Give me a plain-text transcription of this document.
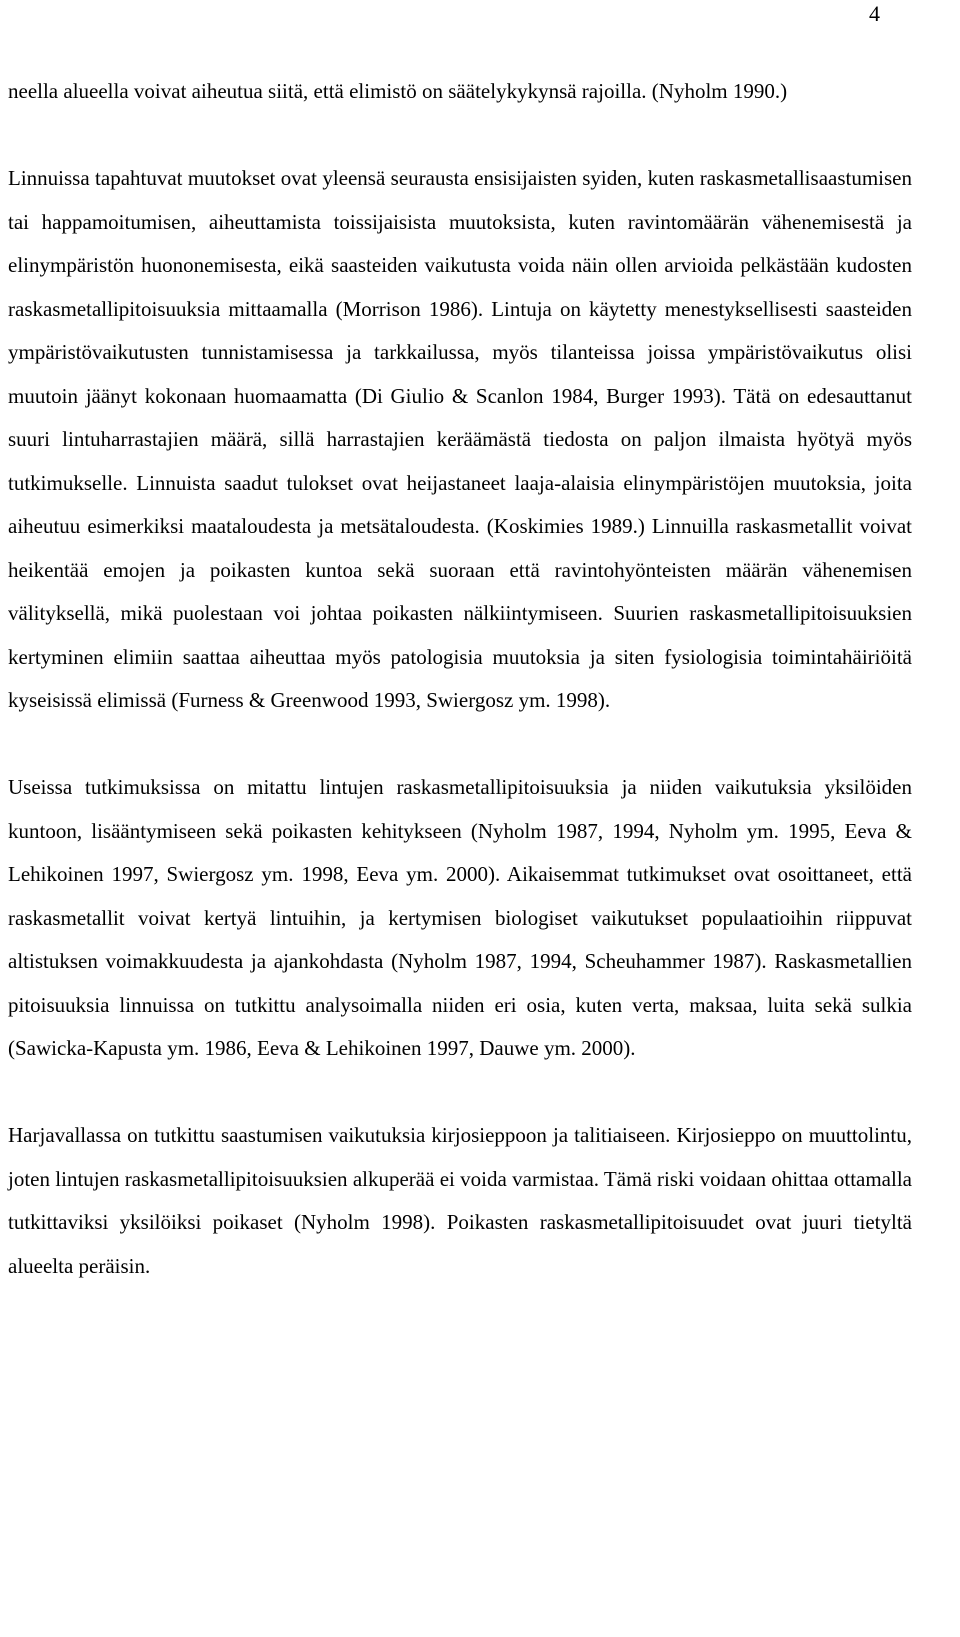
4

neella alueella voivat aiheutua siitä, että elimistö on säätelykykynsä rajoilla. (Nyholm 1990.)

Linnuissa tapahtuvat muutokset ovat yleensä seurausta ensisijaisten syiden, kuten raskasmetallisaastumisen tai happamoitumisen, aiheuttamista toissijaisista muutoksista, kuten ravintomäärän vähenemisestä ja elinympäristön huononemisesta, eikä saasteiden vaikutusta voida näin ollen arvioida pelkästään kudosten raskasmetallipitoisuuksia mittaamalla (Morrison 1986). Lintuja on käytetty menestyksellisesti saasteiden ympäristövaikutusten tunnistamisessa ja tarkkailussa, myös tilanteissa joissa ympäristövaikutus olisi muutoin jäänyt kokonaan huomaamatta (Di Giulio & Scanlon 1984, Burger 1993). Tätä on edesauttanut suuri lintuharrastajien määrä, sillä harrastajien keräämästä tiedosta on paljon ilmaista hyötyä myös tutkimukselle. Linnuista saadut tulokset ovat heijastaneet laaja-alaisia elinympäristöjen muutoksia, joita aiheutuu esimerkiksi maataloudesta ja metsätaloudesta. (Koskimies 1989.) Linnuilla raskasmetallit voivat heikentää emojen ja poikasten kuntoa sekä suoraan että ravintohyönteisten määrän vähenemisen välityksellä, mikä puolestaan voi johtaa poikasten nälkiintymiseen. Suurien raskasmetallipitoisuuksien kertyminen elimiin saattaa aiheuttaa myös patologisia muutoksia ja siten fysiologisia toimintahäiriöitä kyseisissä elimissä (Furness & Greenwood 1993, Swiergosz ym. 1998).

Useissa tutkimuksissa on mitattu lintujen raskasmetallipitoisuuksia ja niiden vaikutuksia yksilöiden kuntoon, lisääntymiseen sekä poikasten kehitykseen (Nyholm 1987, 1994, Nyholm ym. 1995, Eeva & Lehikoinen 1997, Swiergosz ym. 1998, Eeva ym. 2000). Aikaisemmat tutkimukset ovat osoittaneet, että raskasmetallit voivat kertyä lintuihin, ja kertymisen biologiset vaikutukset populaatioihin riippuvat altistuksen voimakkuudesta ja ajankohdasta (Nyholm 1987, 1994, Scheuhammer 1987). Raskasmetallien pitoisuuksia linnuissa on tutkittu analysoimalla niiden eri osia, kuten verta, maksaa, luita sekä sulkia (Sawicka-Kapusta ym. 1986, Eeva & Lehikoinen 1997, Dauwe ym. 2000).

Harjavallassa on tutkittu saastumisen vaikutuksia kirjosieppoon ja talitiaiseen. Kirjosieppo on muuttolintu, joten lintujen raskasmetallipitoisuuksien alkuperää ei voida varmistaa. Tämä riski voidaan ohittaa ottamalla tutkittaviksi yksilöiksi poikaset (Nyholm 1998). Poikasten raskasmetallipitoisuudet ovat juuri tietyltä alueelta peräisin.
